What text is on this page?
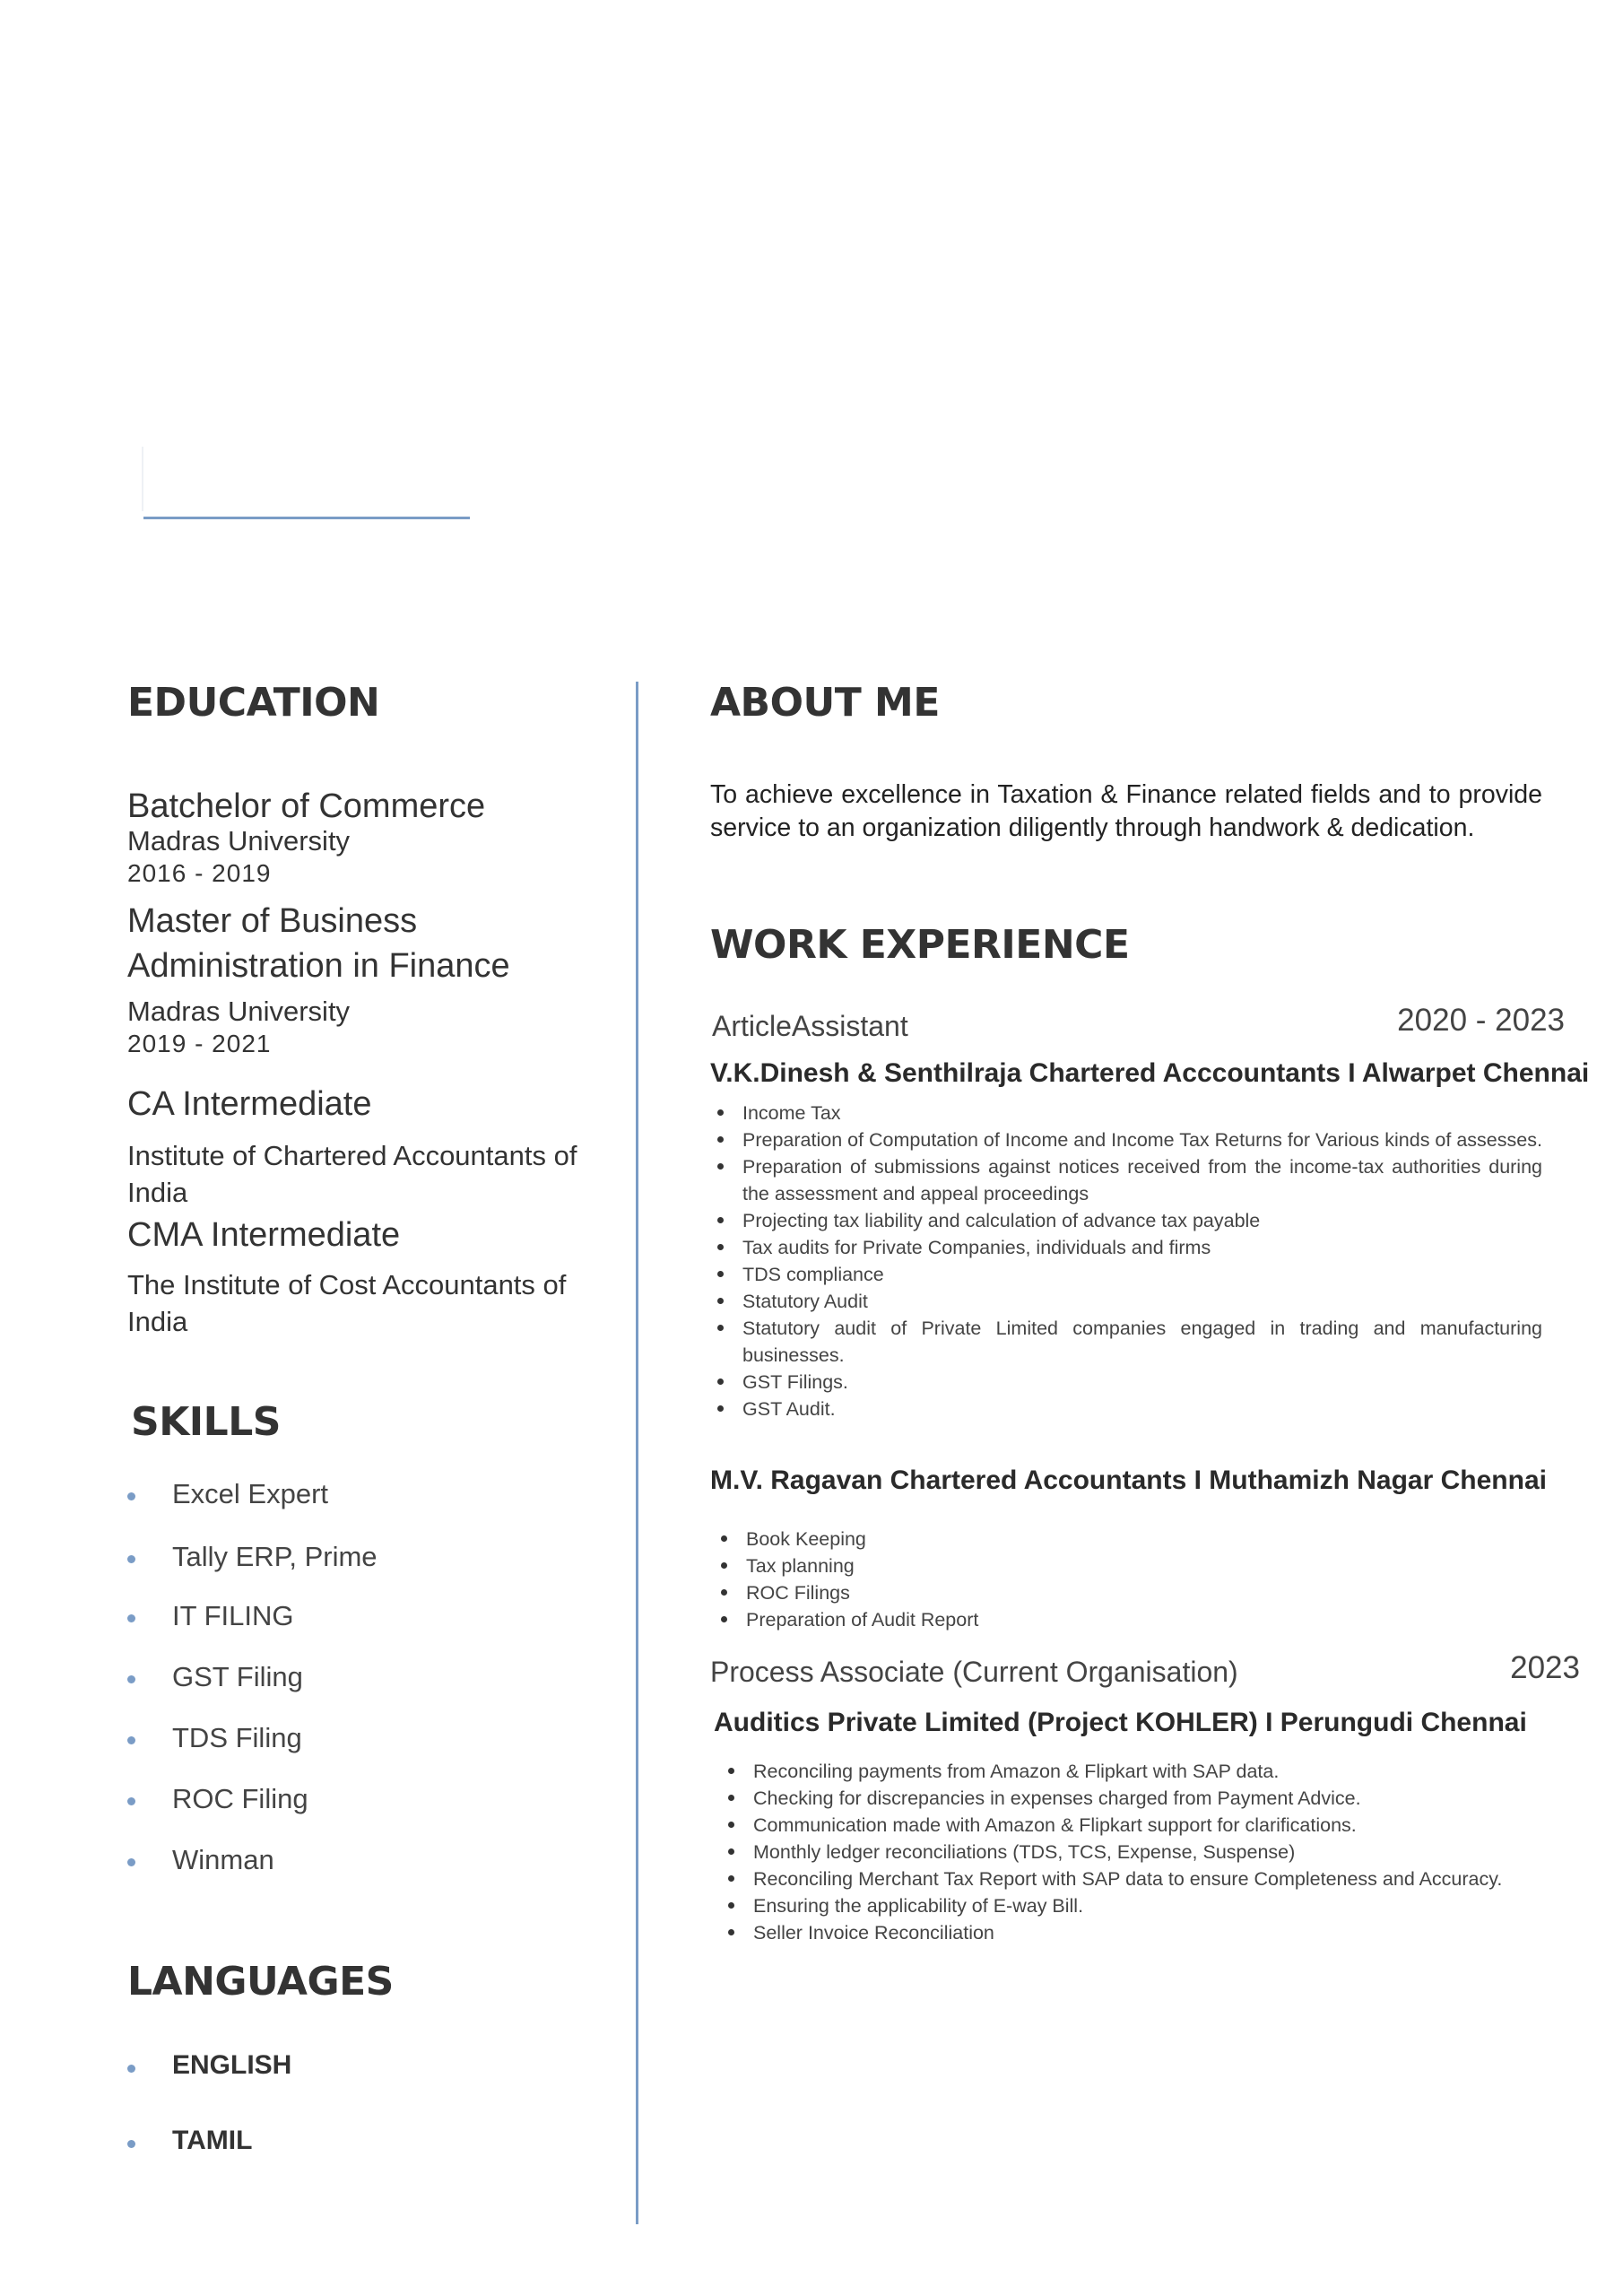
EDUCATION
Batchelor of Commerce
Madras University
2016 - 2019
Master of Business Administration in Finance
Madras University
2019 - 2021
CA Intermediate
Institute of Chartered Accountants of India
CMA Intermediate
The Institute of Cost Accountants of India
SKILLS
Excel Expert
Tally ERP, Prime
IT FILING
GST Filing
TDS Filing
ROC Filing
Winman
LANGUAGES
ENGLISH
TAMIL
ABOUT ME

To achieve excellence in Taxation & Finance related fields and to provide service to an organization diligently through handwork & dedication.

WORK EXPERIENCE
ArticleAssistant	2020 - 2023
V.K.Dinesh & Senthilraja Chartered Acccountants I Alwarpet Chennai
Income Tax
Preparation of Computation of Income and Income Tax Returns for Various kinds of assesses.
Preparation of submissions against notices received from the income-tax authorities during the assessment and appeal proceedings
Projecting tax liability and calculation of advance tax payable
Tax audits for Private Companies, individuals and firms
TDS compliance
Statutory Audit
Statutory audit of Private Limited companies engaged in trading and manufacturing businesses.
GST Filings.
GST Audit.
M.V. Ragavan Chartered Accountants I Muthamizh Nagar Chennai
Book Keeping
Tax planning
ROC Filings
Preparation of Audit Report
Process Associate (Current Organisation)	2023
Auditics Private Limited (Project KOHLER) I Perungudi Chennai
Reconciling payments from Amazon & Flipkart with SAP data.
Checking for discrepancies in expenses charged from Payment Advice.
Communication made with Amazon & Flipkart support for clarifications.
Monthly ledger reconciliations (TDS, TCS, Expense, Suspense)
Reconciling Merchant Tax Report with SAP data to ensure Completeness and Accuracy.
Ensuring the applicability of E-way Bill.
Seller Invoice Reconciliation
